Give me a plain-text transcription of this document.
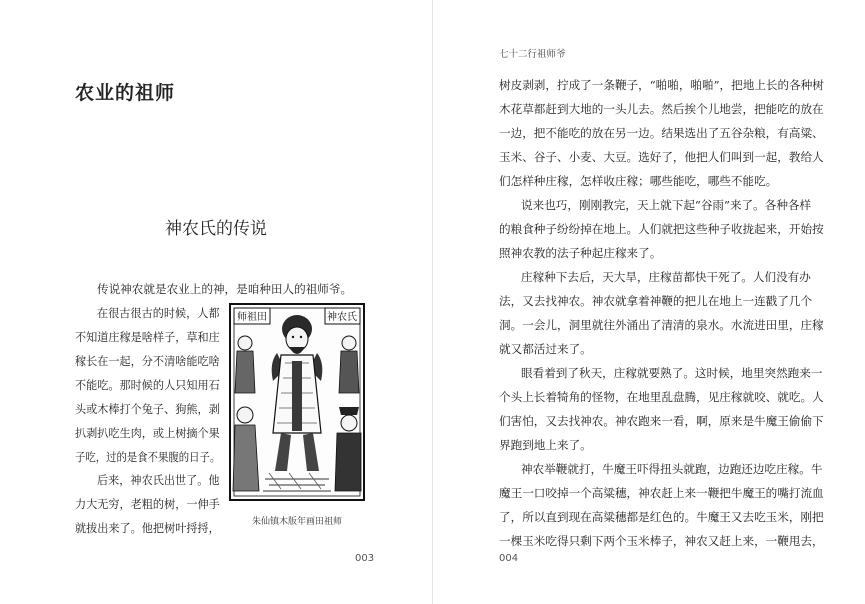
农业的祖师
神农氏的传说

传说神农就是农业上的神，是咱种田人的祖师爷。

在很古很古的时候，人都

不知道庄稼是啥样子，草和庄

稼长在一起，分不清啥能吃啥

不能吃。那时候的人只知用石

头或木棒打个兔子、狗熊，剥

扒剥扒吃生肉，或上树摘个果

子吃，过的是食不果腹的日子。

后来，神农氏出世了。他

力大无穷，老粗的树，一伸手

就拔出来了。他把树叶捋捋，

师祖田	神农氏
朱仙镇木版年画田祖师
003
七十二行祖师爷
树皮剥剥，拧成了一条鞭子，“啪啪，啪啪”，把地上长的各种树
木花草都赶到大地的一头儿去。然后挨个儿地尝，把能吃的放在
一边，把不能吃的放在另一边。结果选出了五谷杂粮，有高粱、
玉米、谷子、小麦、大豆。选好了，他把人们叫到一起，教给人
们怎样种庄稼，怎样收庄稼；哪些能吃，哪些不能吃。
说来也巧，刚刚教完，天上就下起“谷雨”来了。各种各样
的粮食种子纷纷掉在地上。人们就把这些种子收拢起来，开始按
照神农教的法子种起庄稼来了。
庄稼种下去后，天大旱，庄稼苗都快干死了。人们没有办
法，又去找神农。神农就拿着神鞭的把儿在地上一连戳了几个
洞。一会儿，洞里就往外涌出了清清的泉水。水流进田里，庄稼
就又都活过来了。
眼看着到了秋天，庄稼就要熟了。这时候，地里突然跑来一
个头上长着犄角的怪物，在地里乱盘腾，见庄稼就咬、就吃。人
们害怕，又去找神农。神农跑来一看，啊，原来是牛魔王偷偷下
界跑到地上来了。
神农举鞭就打，牛魔王吓得扭头就跑，边跑还边吃庄稼。牛
魔王一口咬掉一个高粱穗，神农赶上来一鞭把牛魔王的嘴打流血
了，所以直到现在高粱穗都是红色的。牛魔王又去吃玉米，刚把
一棵玉米吃得只剩下两个玉米棒子，神农又赶上来，一鞭甩去，
004
